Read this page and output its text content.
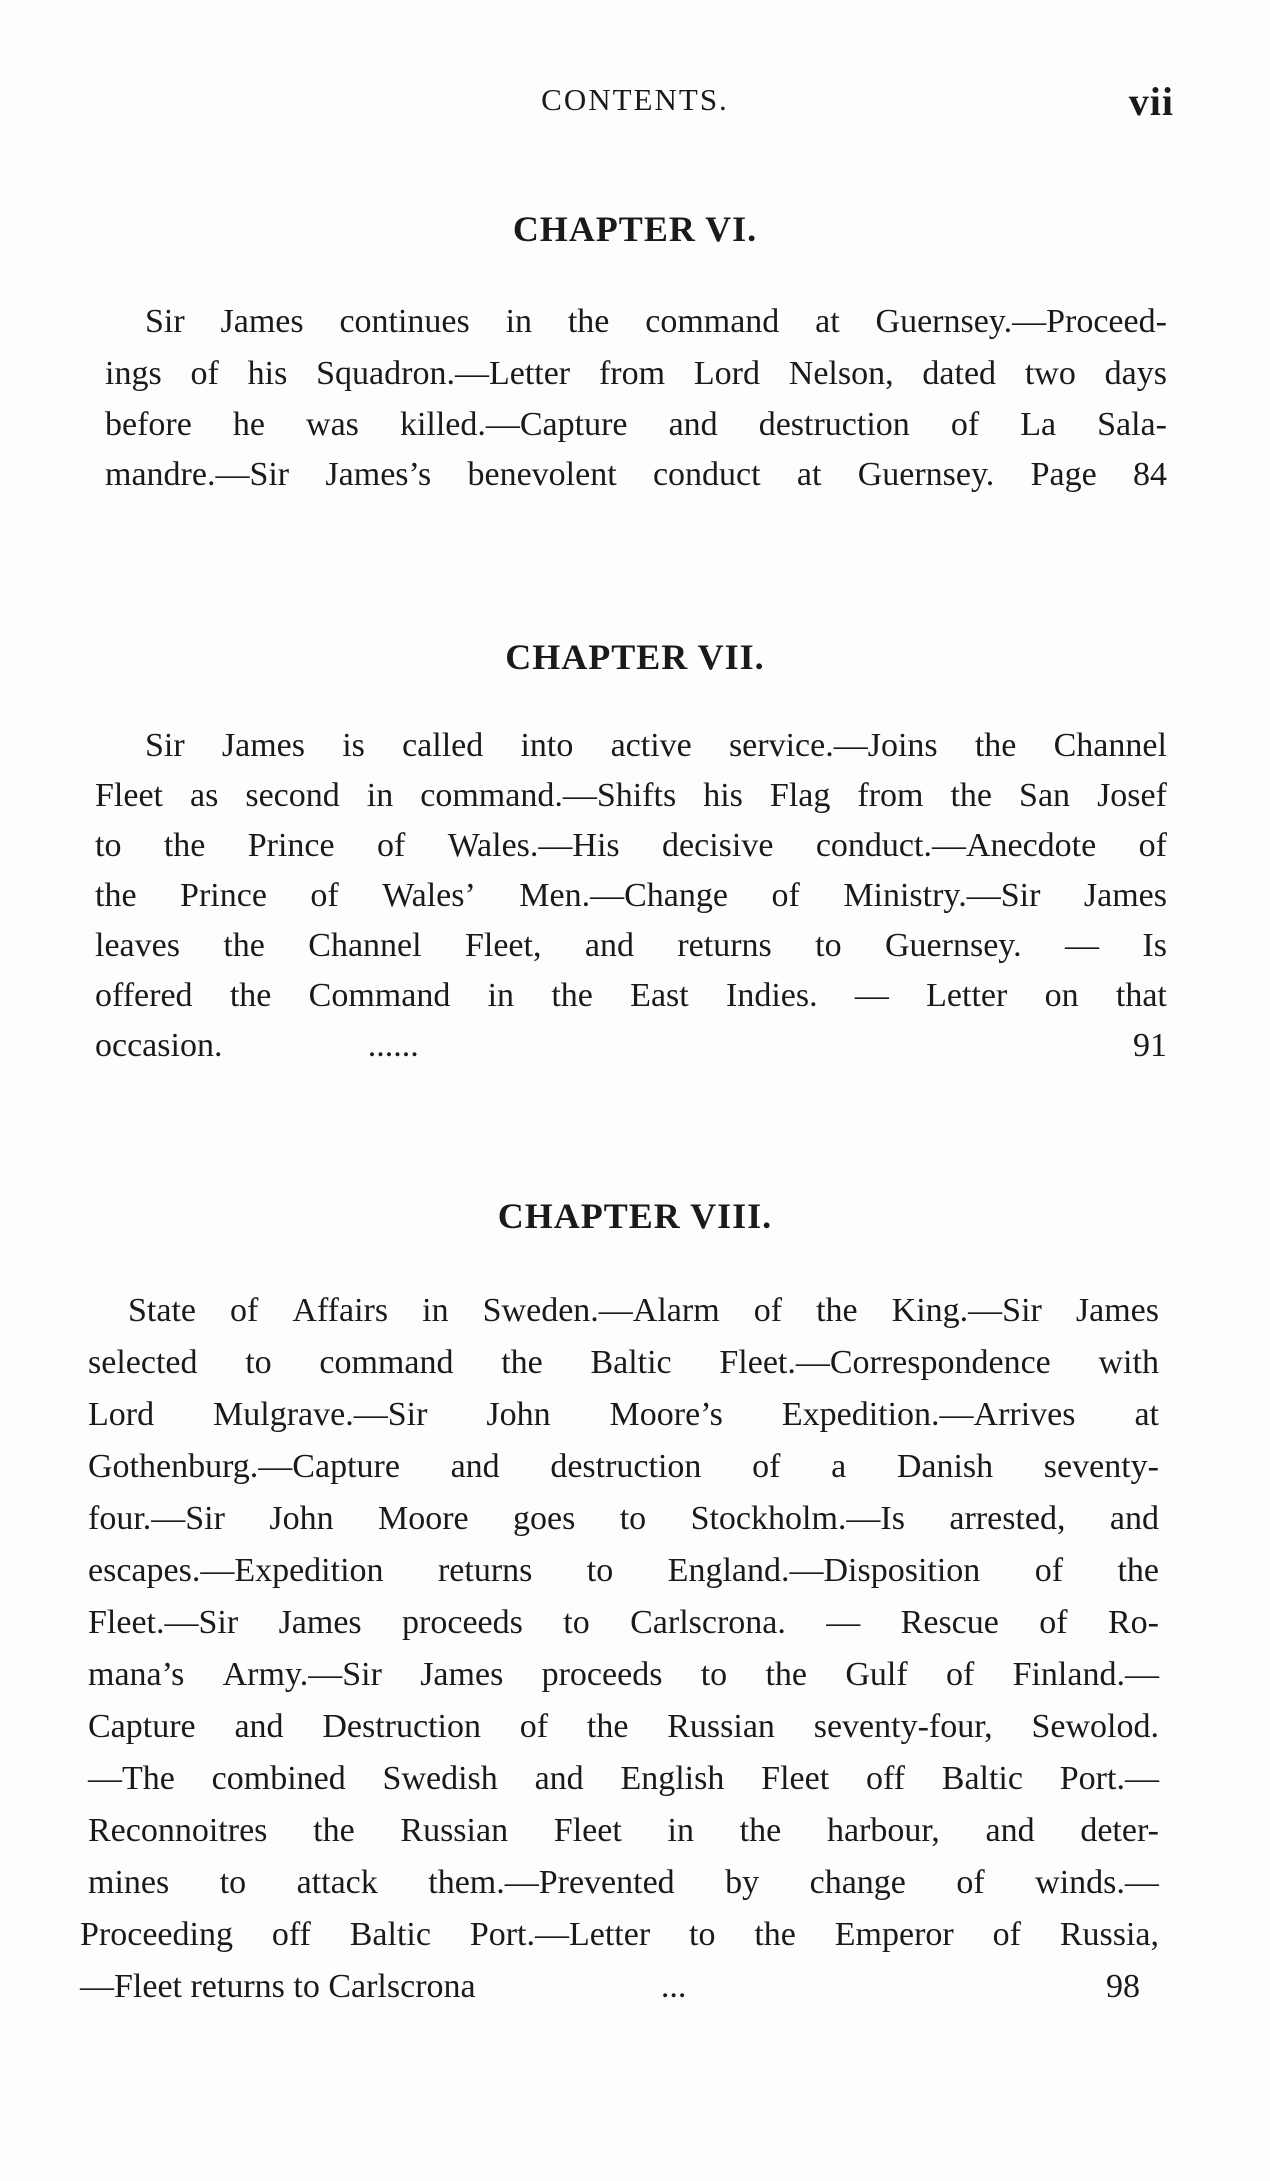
CONTENTS.	vii
CHAPTER VI.
Sir James continues in the command at Guernsey.—Proceed-
ings of his Squadron.—Letter from Lord Nelson, dated two days
before he was killed.—Capture and destruction of La Sala-
mandre.—Sir James’s benevolent conduct at Guernsey. Page 84
CHAPTER VII.
Sir James is called into active service.—Joins the Channel
Fleet as second in command.—Shifts his Flag from the San Josef
to the Prince of Wales.—His decisive conduct.—Anecdote of
the Prince of Wales’ Men.—Change of Ministry.—Sir James
leaves the Channel Fleet, and returns to Guernsey. — Is
offered the Command in the East Indies. — Letter on that
occasion.	......	91
CHAPTER VIII.
State of Affairs in Sweden.—Alarm of the King.—Sir James
selected to command the Baltic Fleet.—Correspondence with
Lord Mulgrave.—Sir John Moore’s Expedition.—Arrives at
Gothenburg.—Capture and destruction of a Danish seventy-
four.—Sir John Moore goes to Stockholm.—Is arrested, and
escapes.—Expedition returns to England.—Disposition of the
Fleet.—Sir James proceeds to Carlscrona. — Rescue of Ro-
mana’s Army.—Sir James proceeds to the Gulf of Finland.—
Capture and Destruction of the Russian seventy-four, Sewolod.
—The combined Swedish and English Fleet off Baltic Port.—
Reconnoitres the Russian Fleet in the harbour, and deter-
mines to attack them.—Prevented by change of winds.—
Proceeding off Baltic Port.—Letter to the Emperor of Russia,
—Fleet returns to Carlscrona	...	98
